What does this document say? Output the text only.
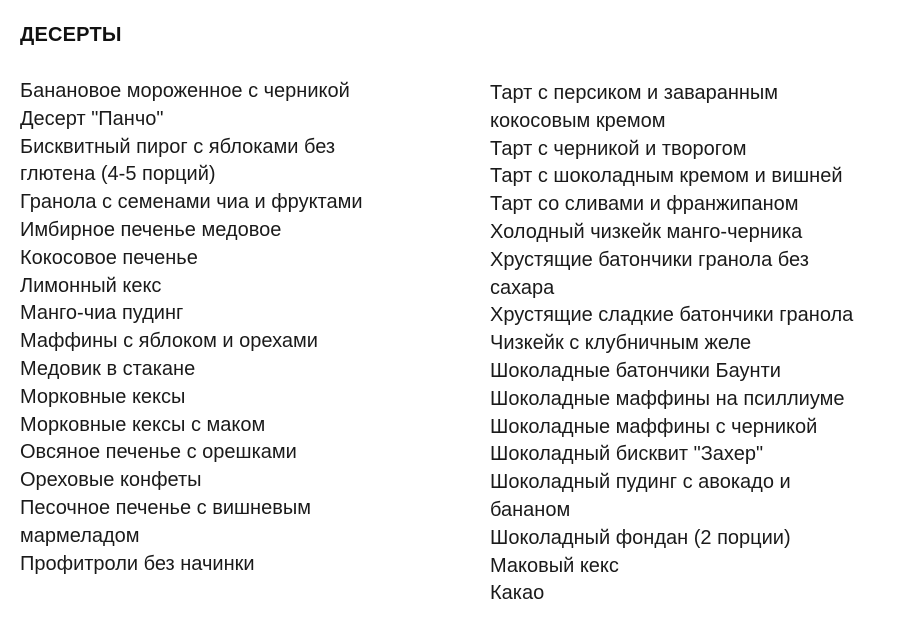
ДЕСЕРТЫ
Банановое мороженное с черникой
Десерт "Панчо"
Бисквитный пирог с яблоками без
глютена (4-5 порций)
Гранола с семенами чиа и фруктами
Имбирное печенье медовое
Кокосовое печенье
Лимонный кекс
Манго-чиа пудинг
Маффины с яблоком и орехами
Медовик в стакане
Морковные кексы
Морковные кексы с маком
Овсяное печенье с орешками
Ореховые конфеты
Песочное печенье с вишневым
мармеладом
Профитроли без начинки
Тарт с персиком и заваранным
кокосовым кремом
Тарт с черникой и творогом
Тарт с шоколадным кремом и вишней
Тарт со сливами и франжипаном
Холодный чизкейк манго-черника
Хрустящие батончики гранола без
сахара
Хрустящие сладкие батончики гранола
Чизкейк с клубничным желе
Шоколадные батончики Баунти
Шоколадные маффины на псиллиуме
Шоколадные маффины с черникой
Шоколадный бисквит "Захер"
Шоколадный пудинг с авокадо и
бананом
Шоколадный фондан (2 порции)
Маковый кекс
Какао
